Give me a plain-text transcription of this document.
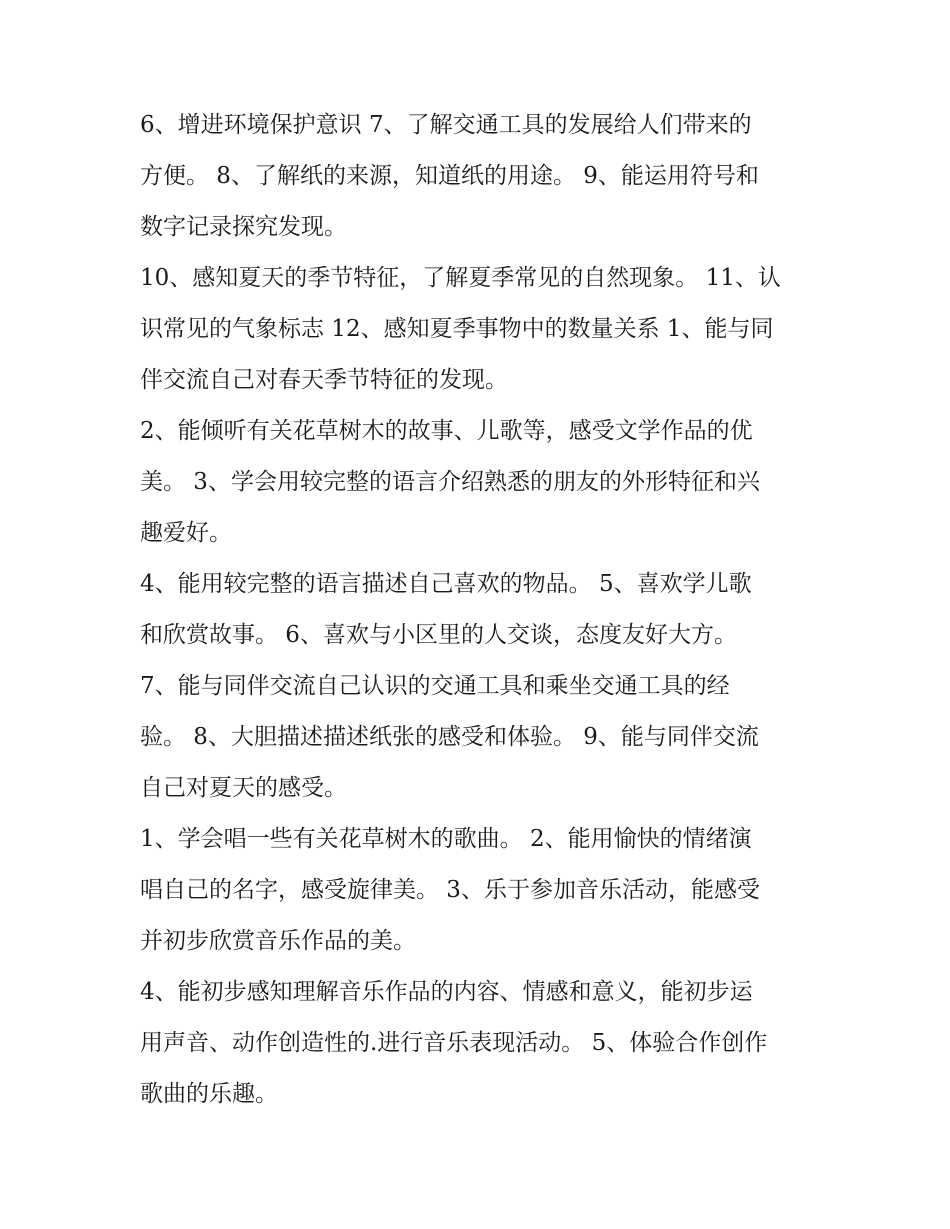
6、增进环境保护意识 7、了解交通工具的发展给人们带来的
方便。 8、了解纸的来源，知道纸的用途。 9、能运用符号和
数字记录探究发现。
10、感知夏天的季节特征，了解夏季常见的自然现象。 11、认
识常见的气象标志 12、感知夏季事物中的数量关系 1、能与同
伴交流自己对春天季节特征的发现。
2、能倾听有关花草树木的故事、儿歌等，感受文学作品的优
美。 3、学会用较完整的语言介绍熟悉的朋友的外形特征和兴
趣爱好。
4、能用较完整的语言描述自己喜欢的物品。 5、喜欢学儿歌
和欣赏故事。 6、喜欢与小区里的人交谈，态度友好大方。
7、能与同伴交流自己认识的交通工具和乘坐交通工具的经
验。 8、大胆描述描述纸张的感受和体验。 9、能与同伴交流
自己对夏天的感受。
1、学会唱一些有关花草树木的歌曲。 2、能用愉快的情绪演
唱自己的名字，感受旋律美。 3、乐于参加音乐活动，能感受
并初步欣赏音乐作品的美。
4、能初步感知理解音乐作品的内容、情感和意义，能初步运
用声音、动作创造性的.进行音乐表现活动。 5、体验合作创作
歌曲的乐趣。
